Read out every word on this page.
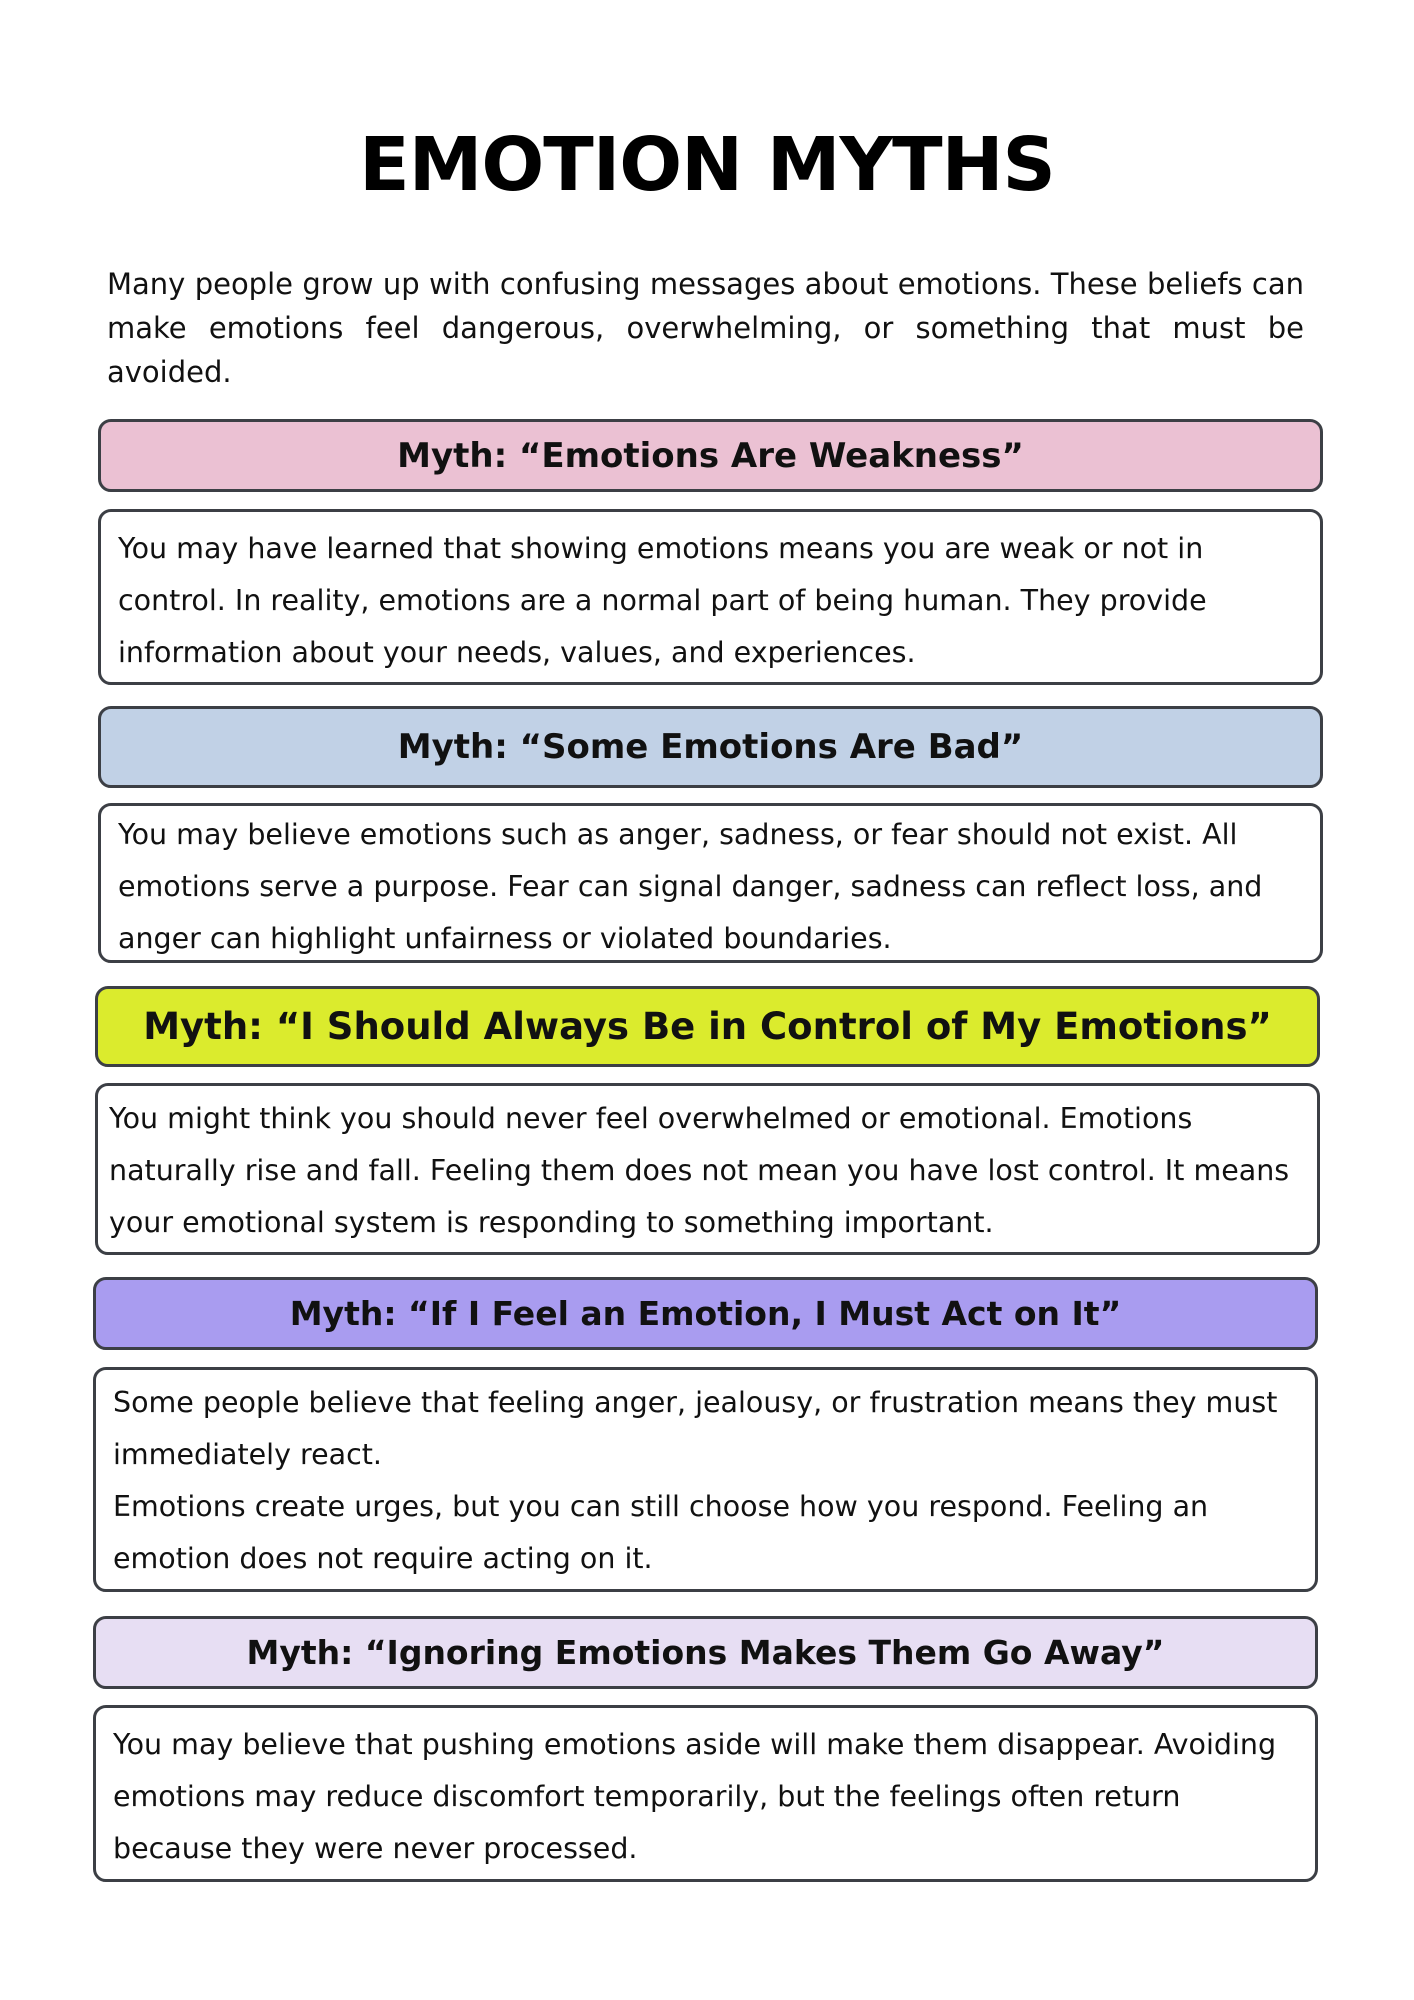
EMOTION MYTHS

Many people grow up with confusing messages about emotions. These beliefs can make emotions feel dangerous, overwhelming, or something that must be avoided.

Myth: “Emotions Are Weakness”
You may have learned that showing emotions means you are weak or not in control. In reality, emotions are a normal part of being human. They provide information about your needs, values, and experiences.
Myth: “Some Emotions Are Bad”
You may believe emotions such as anger, sadness, or fear should not exist. All emotions serve a purpose. Fear can signal danger, sadness can reflect loss, and anger can highlight unfairness or violated boundaries.
Myth: “I Should Always Be in Control of My Emotions”
You might think you should never feel overwhelmed or emotional. Emotions naturally rise and fall. Feeling them does not mean you have lost control. It means your emotional system is responding to something important.
Myth: “If I Feel an Emotion, I Must Act on It”
Some people believe that feeling anger, jealousy, or frustration means they must immediately react.
Emotions create urges, but you can still choose how you respond. Feeling an emotion does not require acting on it.
Myth: “Ignoring Emotions Makes Them Go Away”
You may believe that pushing emotions aside will make them disappear. Avoiding emotions may reduce discomfort temporarily, but the feelings often return because they were never processed.
